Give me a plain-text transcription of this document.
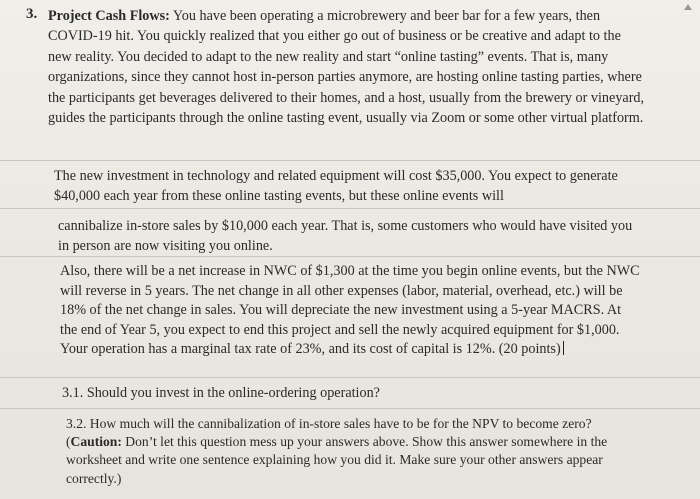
3. Project Cash Flows: You have been operating a microbrewery and beer bar for a few years, then COVID-19 hit. You quickly realized that you either go out of business or be creative and adapt to the new reality. You decided to adapt to the new reality and start “online tasting” events. That is, many organizations, since they cannot host in-person parties anymore, are hosting online tasting parties, where the participants get beverages delivered to their homes, and a host, usually from the brewery or vineyard, guides the participants through the online tasting event, usually via Zoom or some other virtual platform.

The new investment in technology and related equipment will cost $35,000. You expect to generate $40,000 each year from these online tasting events, but these online events will

cannibalize in-store sales by $10,000 each year. That is, some customers who would have visited you in person are now visiting you online.

Also, there will be a net increase in NWC of $1,300 at the time you begin online events, but the NWC will reverse in 5 years. The net change in all other expenses (labor, material, overhead, etc.) will be 18% of the net change in sales. You will depreciate the new investment using a 5-year MACRS. At the end of Year 5, you expect to end this project and sell the newly acquired equipment for $1,000. Your operation has a marginal tax rate of 23%, and its cost of capital is 12%. (20 points)

3.1. Should you invest in the online-ordering operation?

3.2. How much will the cannibalization of in-store sales have to be for the NPV to become zero? (Caution: Don’t let this question mess up your answers above. Show this answer somewhere in the worksheet and write one sentence explaining how you did it. Make sure your other answers appear correctly.)
